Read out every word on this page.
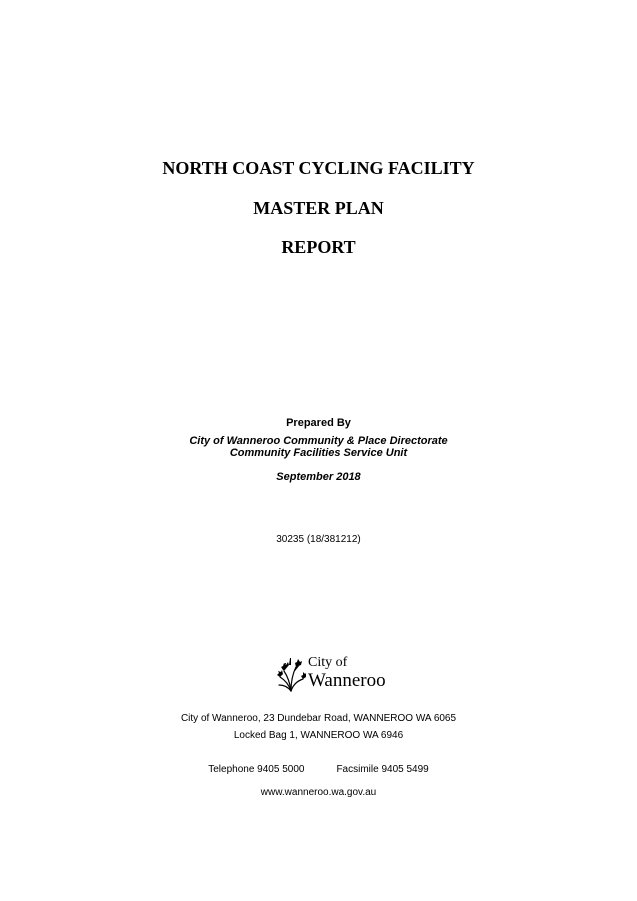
NORTH COAST CYCLING FACILITY
MASTER PLAN
REPORT
Prepared By
City of Wanneroo Community & Place Directorate
Community Facilities Service Unit
September 2018
30235 (18/381212)
City of
Wanneroo
City of Wanneroo, 23 Dundebar Road, WANNEROO WA 6065
Locked Bag 1, WANNEROO WA 6946
Telephone 9405 5000	Facsimile 9405 5499
www.wanneroo.wa.gov.au
